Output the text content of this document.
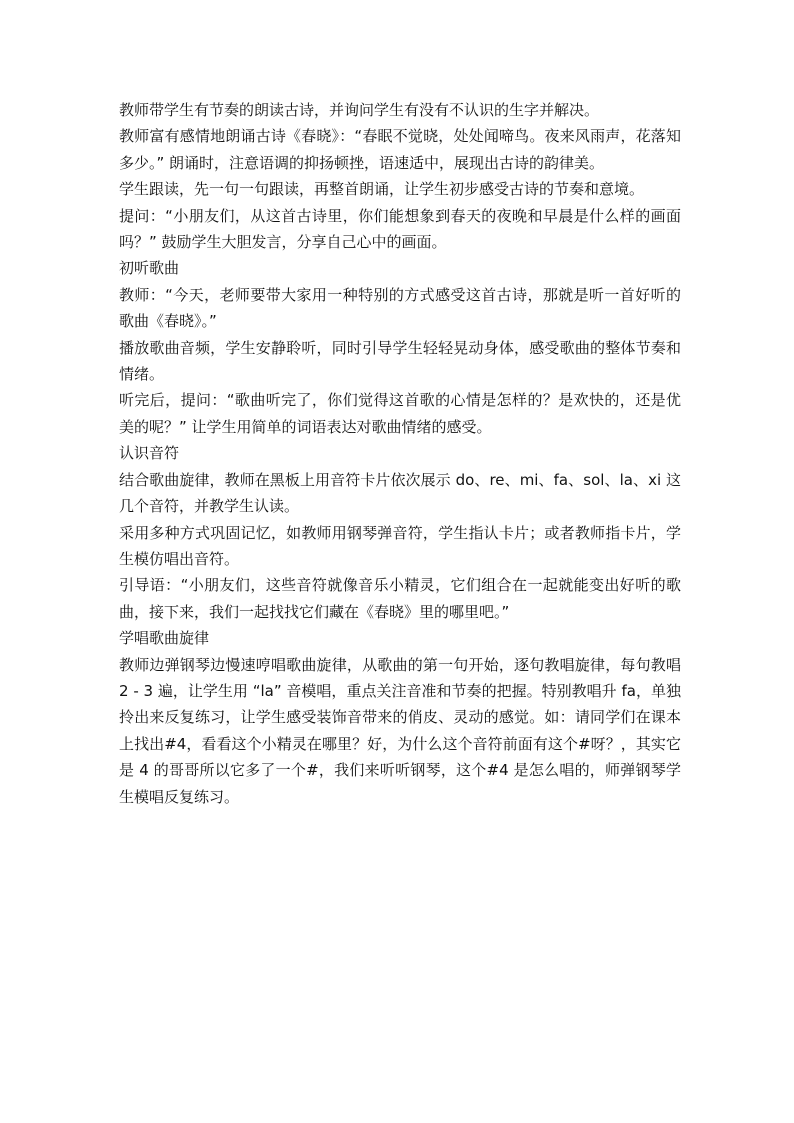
教师带学生有节奏的朗读古诗，并询问学生有没有不认识的生字并解决。

教师富有感情地朗诵古诗《春晓》：“春眠不觉晓，处处闻啼鸟。夜来风雨声，花落知多少。” 朗诵时，注意语调的抑扬顿挫，语速适中，展现出古诗的韵律美。

学生跟读，先一句一句跟读，再整首朗诵，让学生初步感受古诗的节奏和意境。

提问：“小朋友们，从这首古诗里，你们能想象到春天的夜晚和早晨是什么样的画面吗？” 鼓励学生大胆发言，分享自己心中的画面。

初听歌曲

教师：“今天，老师要带大家用一种特别的方式感受这首古诗，那就是听一首好听的歌曲《春晓》。”

播放歌曲音频，学生安静聆听，同时引导学生轻轻晃动身体，感受歌曲的整体节奏和情绪。

听完后，提问：“歌曲听完了，你们觉得这首歌的心情是怎样的？是欢快的，还是优美的呢？” 让学生用简单的词语表达对歌曲情绪的感受。

认识音符

结合歌曲旋律，教师在黑板上用音符卡片依次展示 do、re、mi、fa、sol、la、xi 这几个音符，并教学生认读。

采用多种方式巩固记忆，如教师用钢琴弹音符，学生指认卡片；或者教师指卡片，学生模仿唱出音符。

引导语：“小朋友们，这些音符就像音乐小精灵，它们组合在一起就能变出好听的歌曲，接下来，我们一起找找它们藏在《春晓》里的哪里吧。”

学唱歌曲旋律

教师边弹钢琴边慢速哼唱歌曲旋律，从歌曲的第一句开始，逐句教唱旋律，每句教唱 2 - 3 遍，让学生用 “la” 音模唱，重点关注音准和节奏的把握。特别教唱升 fa，单独拎出来反复练习，让学生感受装饰音带来的俏皮、灵动的感觉。如：请同学们在课本上找出#4，看看这个小精灵在哪里？好，为什么这个音符前面有这个#呀？，其实它是 4 的哥哥所以它多了一个#，我们来听听钢琴，这个#4 是怎么唱的，师弹钢琴学生模唱反复练习。
